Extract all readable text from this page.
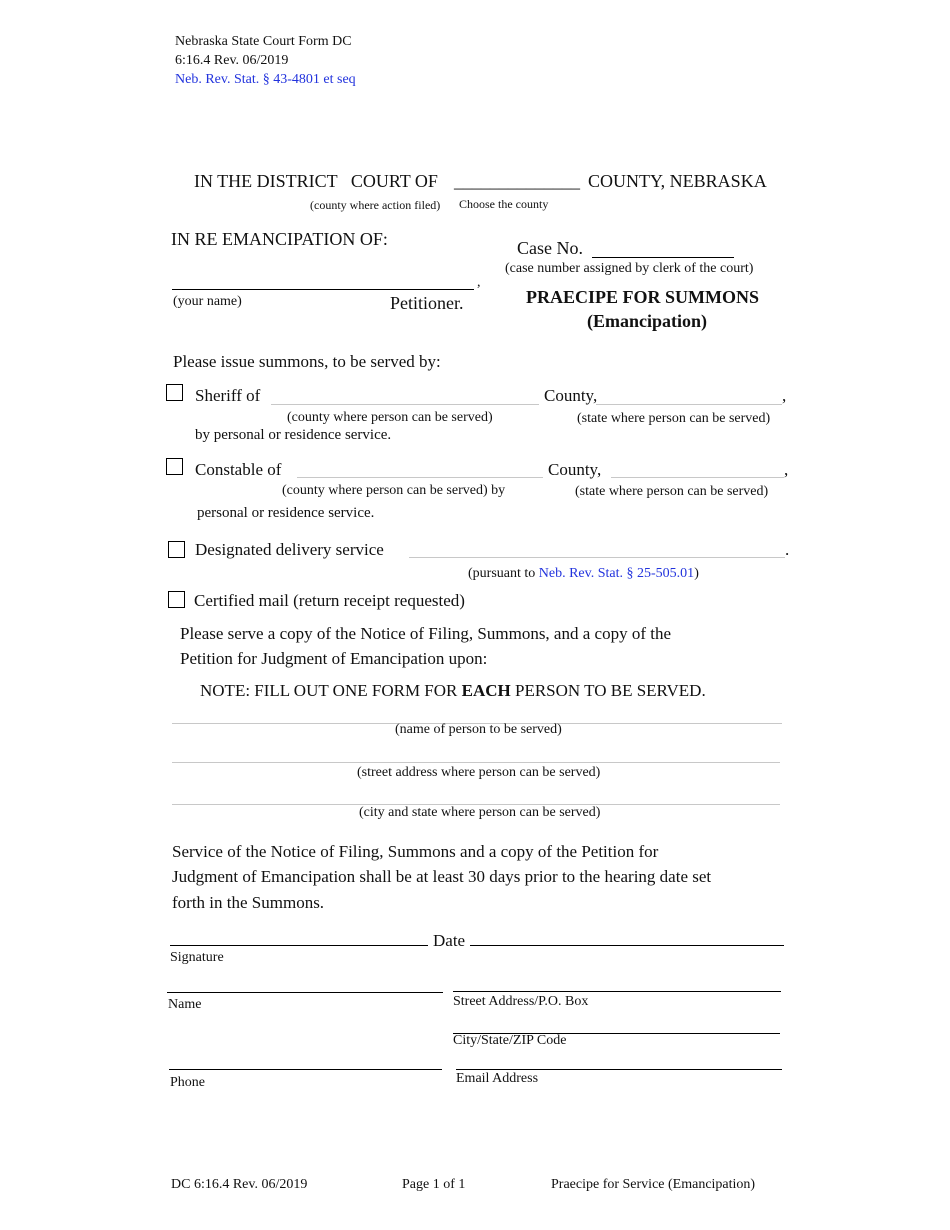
Nebraska State Court Form DC
6:16.4 Rev. 06/2019
Neb. Rev. Stat. § 43-4801 et seq
IN THE DISTRICT   COURT OF ______________ COUNTY, NEBRASKA
(county where action filed) Choose the county
IN RE EMANCIPATION OF:	Case No.
(case number assigned by clerk of the court)
,
(your name)	Petitioner.	PRAECIPE FOR SUMMONS
(Emancipation)
Please issue summons, to be served by:
Sheriff of	County,	,
(county where person can be served)	(state where person can be served)
by personal or residence service.
Constable of	County,	,
(county where person can be served) by	(state where person can be served)
personal or residence service.
Designated delivery service	.
(pursuant to Neb. Rev. Stat. § 25-505.01)
Certified mail (return receipt requested)
Please serve a copy of the Notice of Filing, Summons, and a copy of the
Petition for Judgment of Emancipation upon:
NOTE: FILL OUT ONE FORM FOR EACH PERSON TO BE SERVED.
(name of person to be served)
(street address where person can be served)
(city and state where person can be served)
Service of the Notice of Filing, Summons and a copy of the Petition for
Judgment of Emancipation shall be at least 30 days prior to the hearing date set
forth in the Summons.
Date
Signature
Name	Street Address/P.O. Box
City/State/ZIP Code
Phone	Email Address
DC 6:16.4 Rev. 06/2019	Page 1 of 1	Praecipe for Service (Emancipation)
